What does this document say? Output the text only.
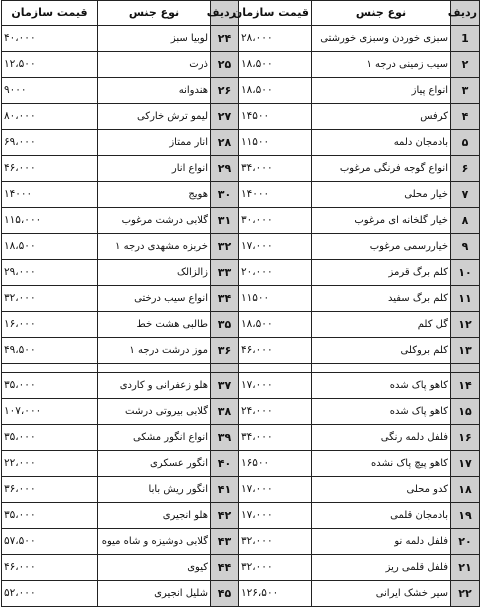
ردیف	نوع جنس	قیمت سازمان	ردیف	نوع جنس	قیمت سازمان
1	سبزی خوردن وسبزی خورشتی	۲۸،۰۰۰	۲۴	لوبیا سبز	۴۰،۰۰۰
۲	سیب زمینی درجه ۱	۱۸،۵۰۰	۲۵	ذرت	۱۲،۵۰۰
۳	انواع پیاز	۱۸،۵۰۰	۲۶	هندوانه	۹۰۰۰
۴	کرفس	۱۴۵۰۰	۲۷	لیمو ترش خارکی	۸۰،۰۰۰
۵	بادمجان دلمه	۱۱۵۰۰	۲۸	انار ممتاز	۶۹،۰۰۰
۶	انواع گوجه فرنگی مرغوب	۳۴،۰۰۰	۲۹	انواع انار	۴۶،۰۰۰
۷	خیار محلی	۱۴۰۰۰	۳۰	هویج	۱۴۰۰۰
۸	خیار گلخانه ای مرغوب	۳۰،۰۰۰	۳۱	گلابی درشت مرغوب	۱۱۵،۰۰۰
۹	خیاررسمی مرغوب	۱۷،۰۰۰	۳۲	خربزه مشهدی درجه ۱	۱۸،۵۰۰
۱۰	کلم برگ قرمز	۲۰،۰۰۰	۳۳	زالزالک	۲۹،۰۰۰
۱۱	کلم برگ سفید	۱۱۵۰۰	۳۴	انواع سیب درختی	۳۲،۰۰۰
۱۲	گل کلم	۱۸،۵۰۰	۳۵	طالبی هشت خط	۱۶،۰۰۰
۱۳	کلم بروکلی	۴۶،۰۰۰	۳۶	موز درشت درجه ۱	۴۹،۵۰۰

۱۴	کاهو پاک شده	۱۷،۰۰۰	۳۷	هلو زعفرانی و کاردی	۳۵،۰۰۰
۱۵	کاهو پاک شده	۲۴،۰۰۰	۳۸	گلابی بیروتی درشت	۱۰۷،۰۰۰
۱۶	فلفل دلمه رنگی	۳۴،۰۰۰	۳۹	انواع انگور مشکی	۳۵،۰۰۰
۱۷	کاهو پیچ پاک نشده	۱۶۵۰۰	۴۰	انگور عسکری	۲۲،۰۰۰
۱۸	کدو محلی	۱۷،۰۰۰	۴۱	انگور ریش بابا	۳۶،۰۰۰
۱۹	بادمجان قلمی	۱۷،۰۰۰	۴۲	هلو انجیری	۳۵،۰۰۰
۲۰	فلفل دلمه نو	۳۲،۰۰۰	۴۳	گلابی دوشیزه و شاه میوه	۵۷،۵۰۰
۲۱	فلفل قلمی ریز	۳۲،۰۰۰	۴۴	کیوی	۴۶،۰۰۰
۲۲	سیر خشک ایرانی	۱۲۶،۵۰۰	۴۵	شلیل انجیری	۵۲،۰۰۰
